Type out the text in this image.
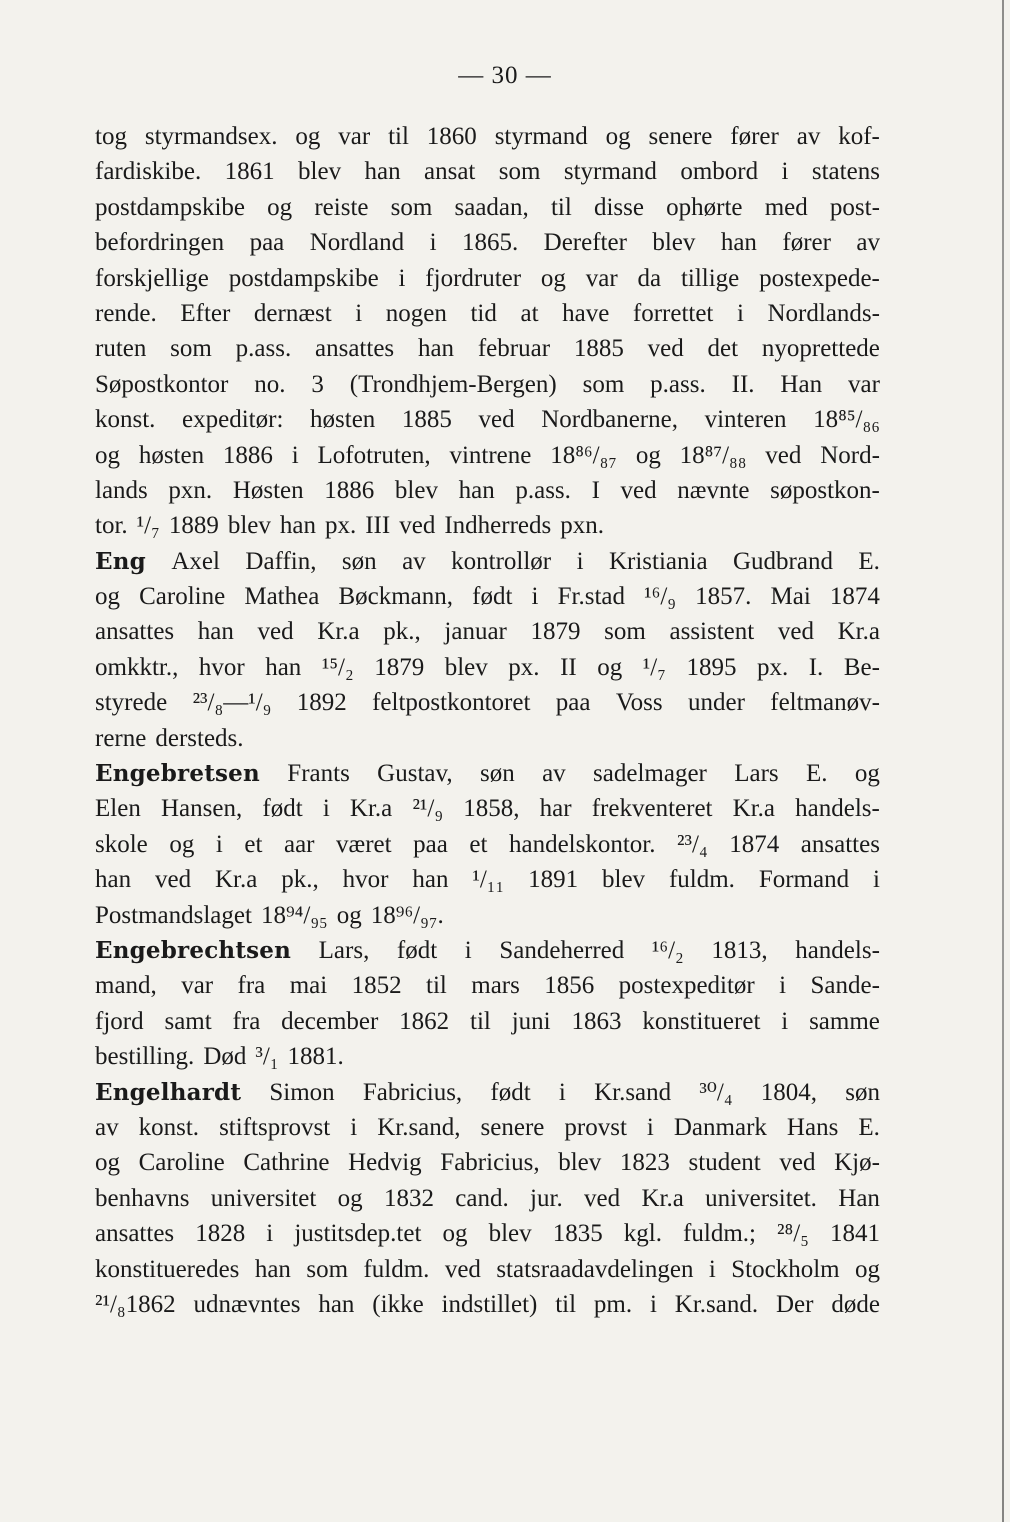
— 30 —
tog styrmandsex. og var til 1860 styrmand og senere fører av kof-
fardiskibe. 1861 blev han ansat som styrmand ombord i statens
postdampskibe og reiste som saadan, til disse ophørte med post-
befordringen paa Nordland i 1865. Derefter blev han fører av
forskjellige postdampskibe i fjordruter og var da tillige postexpede-
rende. Efter dernæst i nogen tid at have forrettet i Nordlands-
ruten som p.ass. ansattes han februar 1885 ved det nyoprettede
Søpostkontor no. 3 (Trondhjem-Bergen) som p.ass. II. Han var
konst. expeditør: høsten 1885 ved Nordbanerne, vinteren 18⁸⁵/₈₆
og høsten 1886 i Lofotruten, vintrene 18⁸⁶/₈₇ og 18⁸⁷/₈₈ ved Nord-
lands pxn. Høsten 1886 blev han p.ass. I ved nævnte søpostkon-
tor. ¹/₇ 1889 blev han px. III ved Indherreds pxn.
Eng Axel Daffin, søn av kontrollør i Kristiania Gudbrand E.
og Caroline Mathea Bøckmann, født i Fr.stad ¹⁶/₉ 1857. Mai 1874
ansattes han ved Kr.a pk., januar 1879 som assistent ved Kr.a
omkktr., hvor han ¹⁵/₂ 1879 blev px. II og ¹/₇ 1895 px. I. Be-
styrede ²³/₈—¹/₉ 1892 feltpostkontoret paa Voss under feltmanøv-
rerne dersteds.
Engebretsen Frants Gustav, søn av sadelmager Lars E. og
Elen Hansen, født i Kr.a ²¹/₉ 1858, har frekventeret Kr.a handels-
skole og i et aar været paa et handelskontor. ²³/₄ 1874 ansattes
han ved Kr.a pk., hvor han ¹/₁₁ 1891 blev fuldm. Formand i
Postmandslaget 18⁹⁴/₉₅ og 18⁹⁶/₉₇.
Engebrechtsen Lars, født i Sandeherred ¹⁶/₂ 1813, handels-
mand, var fra mai 1852 til mars 1856 postexpeditør i Sande-
fjord samt fra december 1862 til juni 1863 konstitueret i samme
bestilling. Død ³/₁ 1881.
Engelhardt Simon Fabricius, født i Kr.sand ³⁰/₄ 1804, søn
av konst. stiftsprovst i Kr.sand, senere provst i Danmark Hans E.
og Caroline Cathrine Hedvig Fabricius, blev 1823 student ved Kjø-
benhavns universitet og 1832 cand. jur. ved Kr.a universitet. Han
ansattes 1828 i justitsdep.tet og blev 1835 kgl. fuldm.; ²⁸/₅ 1841
konstitueredes han som fuldm. ved statsraadavdelingen i Stockholm og
²¹/₈1862 udnævntes han (ikke indstillet) til pm. i Kr.sand. Der døde
